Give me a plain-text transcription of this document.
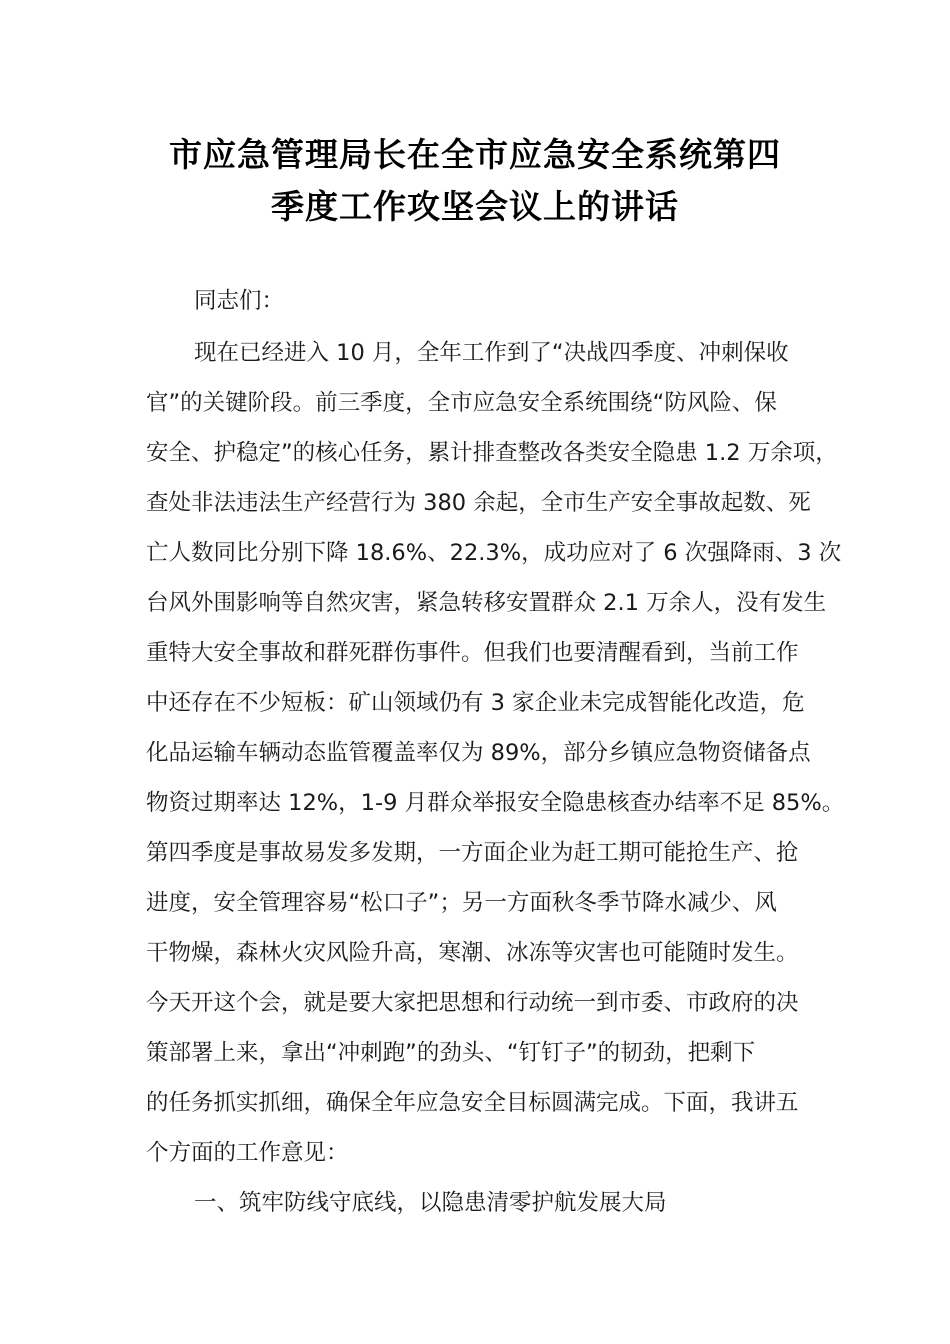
市应急管理局长在全市应急安全系统第四
季度工作攻坚会议上的讲话
同志们：
现在已经进入 10 月，全年工作到了“决战四季度、冲刺保收
官”的关键阶段。前三季度，全市应急安全系统围绕“防风险、保
安全、护稳定”的核心任务，累计排查整改各类安全隐患 1.2 万余项，
查处非法违法生产经营行为 380 余起，全市生产安全事故起数、死
亡人数同比分别下降 18.6%、22.3%，成功应对了 6 次强降雨、3 次
台风外围影响等自然灾害，紧急转移安置群众 2.1 万余人，没有发生
重特大安全事故和群死群伤事件。但我们也要清醒看到，当前工作
中还存在不少短板：矿山领域仍有 3 家企业未完成智能化改造，危
化品运输车辆动态监管覆盖率仅为 89%，部分乡镇应急物资储备点
物资过期率达 12%，1-9 月群众举报安全隐患核查办结率不足 85%。
第四季度是事故易发多发期，一方面企业为赶工期可能抢生产、抢
进度，安全管理容易“松口子”；另一方面秋冬季节降水减少、风
干物燥，森林火灾风险升高，寒潮、冰冻等灾害也可能随时发生。
今天开这个会，就是要大家把思想和行动统一到市委、市政府的决
策部署上来，拿出“冲刺跑”的劲头、“钉钉子”的韧劲，把剩下
的任务抓实抓细，确保全年应急安全目标圆满完成。下面，我讲五
个方面的工作意见：
一、筑牢防线守底线，以隐患清零护航发展大局
